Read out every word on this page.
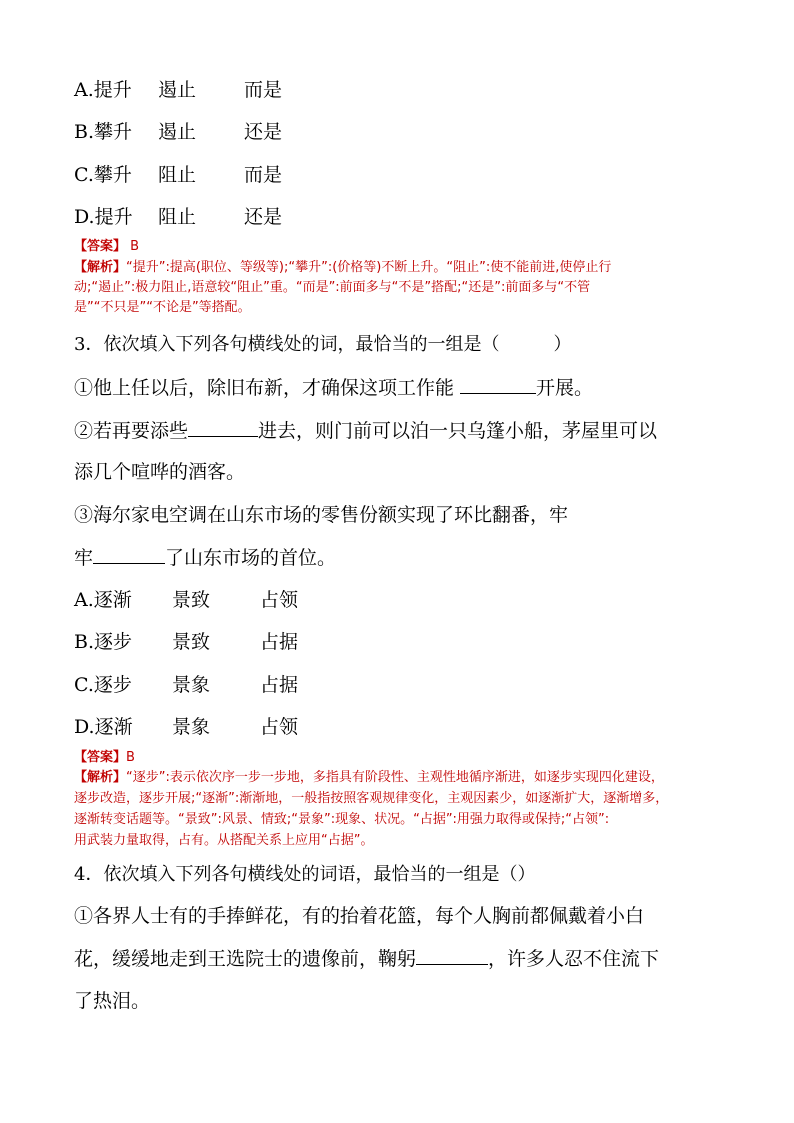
A.提升 遏止	而是
B.攀升 遏止	还是
C.攀升 阻止	而是
D.提升 阻止	还是
【答案】 B
【解析】“提升”:提高(职位、等级等);“攀升”:(价格等)不断上升。“阻止”:使不能前进,使停止行
动;“遏止”:极力阻止,语意较“阻止”重。“而是”:前面多与“不是”搭配;“还是”:前面多与“不管
是”“不只是”“不论是”等搭配。
3．依次填入下列各句横线处的词，最恰当的一组是（　　　）
①他上任以后，除旧布新，才确保这项工作能	开展。
②若再要添些	进去，则门前可以泊一只乌篷小船，茅屋里可以
添几个喧哗的酒客。
③海尔家电空调在山东市场的零售份额实现了环比翻番，牢
牢	了山东市场的首位。
A.逐渐 景致	占领
B.逐步 景致	占据
C.逐步 景象	占据
D.逐渐 景象	占领
【答案】B
【解析】“逐步”:表示依次序一步一步地，多指具有阶段性、主观性地循序渐进，如逐步实现四化建设，
逐步改造，逐步开展;“逐渐”:渐渐地，一般指按照客观规律变化，主观因素少，如逐渐扩大，逐渐增多，
逐渐转变话题等。“景致”:风景、情致;“景象”:现象、状况。“占据”:用强力取得或保持;“占领”:
用武装力量取得，占有。从搭配关系上应用“占据”。
4．依次填入下列各句横线处的词语，最恰当的一组是（）
①各界人士有的手捧鲜花，有的抬着花篮，每个人胸前都佩戴着小白
花，缓缓地走到王选院士的遗像前，鞠躬	，许多人忍不住流下
了热泪。
